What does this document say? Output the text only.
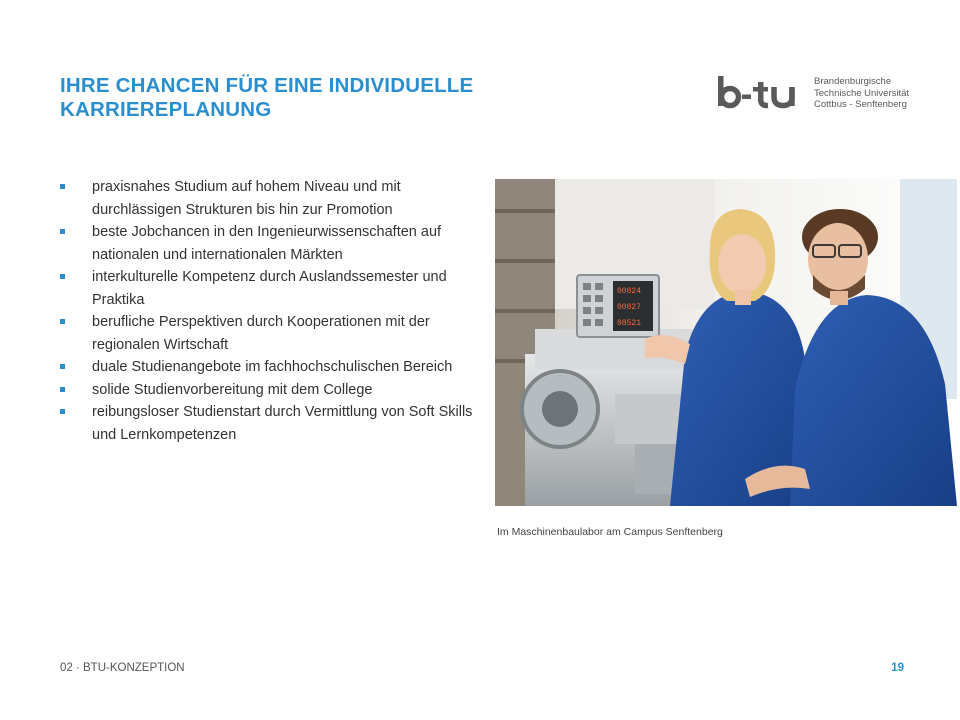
IHRE CHANCEN FÜR EINE INDIVIDUELLE
KARRIEREPLANUNG
Brandenburgische
Technische Universität
Cottbus - Senftenberg
praxisnahes Studium auf hohem Niveau und mit durchlässigen Strukturen bis hin zur Promotion
beste Jobchancen in den Ingenieurwissenschaften auf nationalen und internationalen Märkten
interkulturelle Kompetenz durch Auslandssemester und Praktika
berufliche Perspektiven durch Kooperationen mit der regionalen Wirtschaft
duale Studienangebote im fachhochschulischen Bereich
solide Studienvorbereitung mit dem College
reibungsloser Studienstart durch Vermittlung von Soft Skills und Lernkompetenzen
00024
00027
08521
Im Maschinenbaulabor am Campus Senftenberg
02 · BTU-KONZEPTION	19
